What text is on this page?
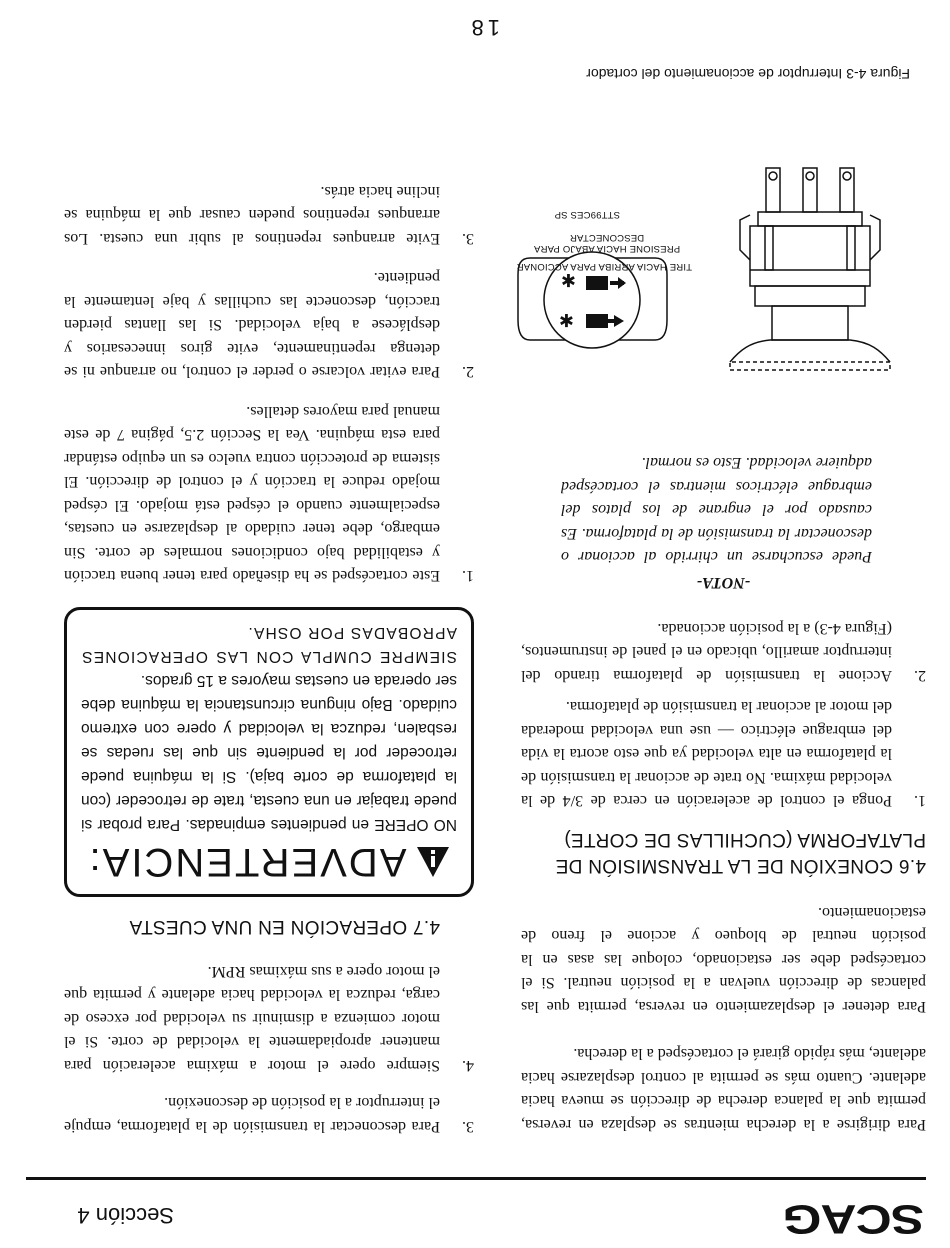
SCAG
Sección 4

Para dirigirse a la derecha mientras se desplaza en reversa, permita que la palanca derecha de dirección se mueva hacia adelante. Cuanto más se permita al control desplazarse hacia adelante, más rápido girará el cortacésped a la derecha.

Para detener el desplazamiento en reversa, permita que las palancas de dirección vuelvan a la posición neutral. Si el cortacésped debe ser estacionado, coloque las asas en la posición neutral de bloqueo y accione el freno de estacionamiento.

4.6 CONEXIÓN DE LA TRANSMISIÓN DE PLATAFORMA (CUCHILLAS DE CORTE)
1.
Ponga el control de aceleración en cerca de 3/4 de la velocidad máxima. No trate de accionar la transmisión de la plataforma en alta velocidad ya que esto acorta la vida del embrague eléctrico — use una velocidad moderada del motor al accionar la transmisión de plataforma.
2.
Accione la transmisión de plataforma tirando del interruptor amarillo, ubicado en el panel de instrumentos, (Figura 4-3) a la posición accionada.
-NOTA-
Puede escucharse un chirrido al accionar o desconectar la transmisión de la plataforma. Es causado por el engrane de los platos del embrague eléctricos mientras el cortacésped adquiere velocidad. Esto es normal.
✱
✱
TIRE HACIA ARRIBA PARA ACCIONAR
PRESIONE HACIA ABAJO PARA DESCONECTAR
STT99CES SP
Figura 4-3 Interruptor de accionamiento del cortador
3.
Para desconectar la transmisión de la plataforma, empuje el interruptor a la posición de desconexión.
4.
Siempre opere el motor a máxima aceleración para mantener apropiadamente la velocidad de corte. Si el motor comienza a disminuir su velocidad por exceso de carga, reduzca la velocidad hacia adelante y permita que el motor opere a sus máximas RPM.
4.7 OPERACIÓN EN UNA CUESTA
ADVERTENCIA:
NO OPERE en pendientes empinadas. Para probar si puede trabajar en una cuesta, trate de retroceder (con la plataforma de corte baja). Si la máquina puede retroceder por la pendiente sin que las ruedas se resbalen, reduzca la velocidad y opere con extremo cuidado. Bajo ninguna circunstancia la máquina debe ser operada en cuestas mayores a 15 grados.
SIEMPRE CUMPLA CON LAS OPERACIONES APROBADAS POR OSHA.
1.
Este cortacésped se ha diseñado para tener buena tracción y estabilidad bajo condiciones normales de corte. Sin embargo, debe tener cuidado al desplazarse en cuestas, especialmente cuando el césped está mojado. El césped mojado reduce la tracción y el control de dirección. El sistema de protección contra vuelco es un equipo estándar para esta máquina. Vea la Sección 2.5, página 7 de este manual para mayores detalles.
2.
Para evitar volcarse o perder el control, no arranque ni se detenga repentinamente, evite giros innecesarios y desplácese a baja velocidad. Si las llantas pierden tracción, desconecte las cuchillas y baje lentamente la pendiente.
3.
Evite arranques repentinos al subir una cuesta. Los arranques repentinos pueden causar que la máquina se incline hacia atrás.
18
